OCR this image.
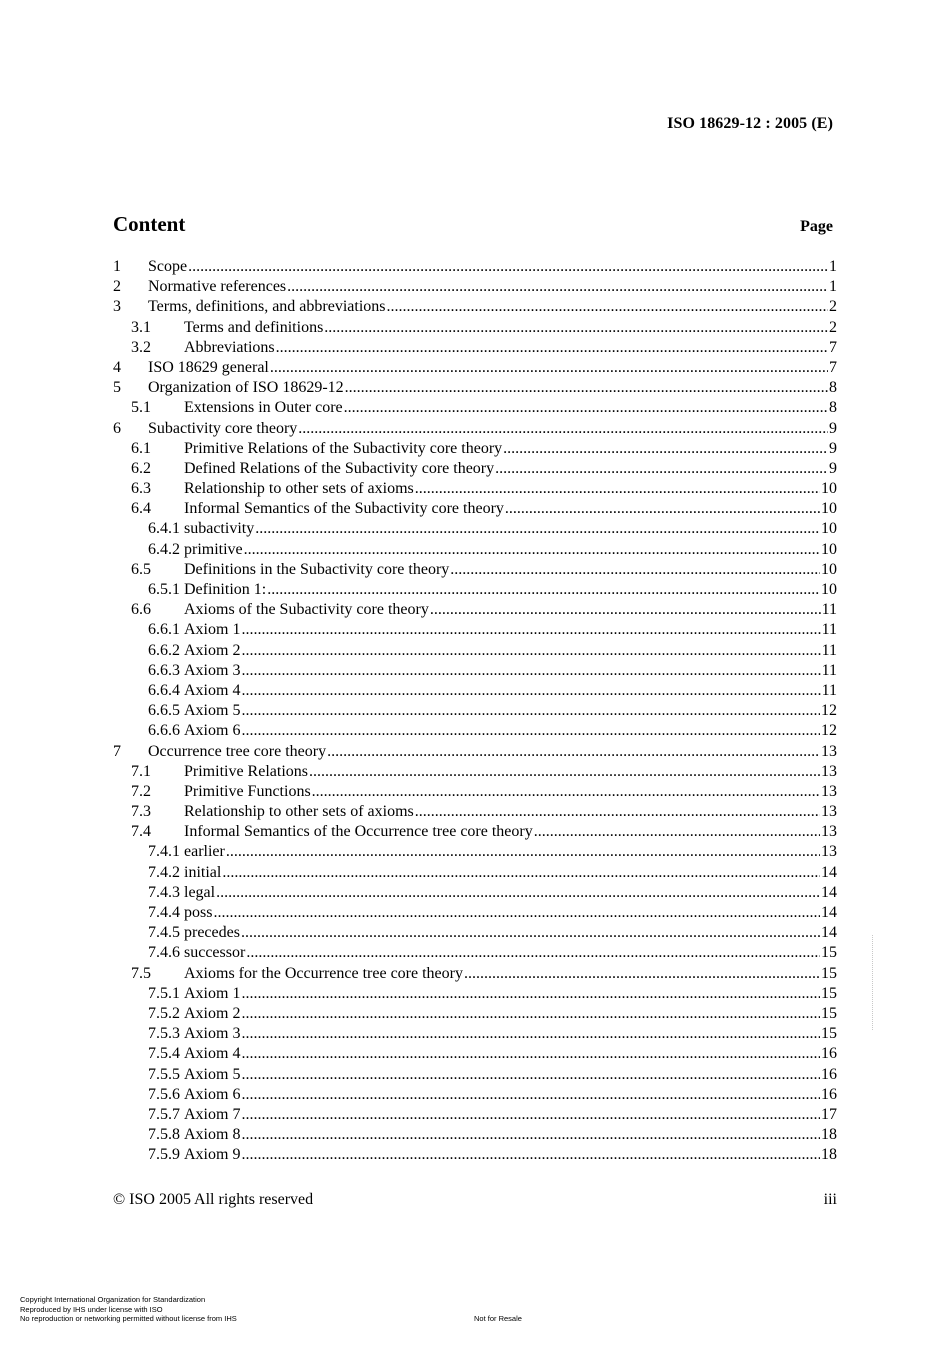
ISO 18629-12 : 2005 (E)
Content	Page
1	Scope .....	1
2	Normative references .....	1
3	Terms, definitions, and abbreviations .....	2
3.1	Terms and definitions .....	2
3.2	Abbreviations .....	7
4	ISO 18629 general .....	7
5	Organization of ISO 18629-12 .....	8
5.1	Extensions in Outer core .....	8
6	Subactivity core theory .....	9
6.1	Primitive Relations of the Subactivity core theory .....	9
6.2	Defined Relations of the Subactivity core theory .....	9
6.3	Relationship to other sets of axioms .....	10
6.4	Informal Semantics of the Subactivity core theory .....	10
6.4.1 subactivity .....	10
6.4.2 primitive .....	10
6.5	Definitions in the Subactivity core theory .....	10
6.5.1 Definition 1: .....	10
6.6	Axioms of the Subactivity core theory .....	11
6.6.1 Axiom 1 .....	11
6.6.2 Axiom 2 .....	11
6.6.3 Axiom 3 .....	11
6.6.4 Axiom 4 .....	11
6.6.5 Axiom 5 .....	12
6.6.6 Axiom 6 .....	12
7	Occurrence tree core theory .....	13
7.1	Primitive Relations .....	13
7.2	Primitive Functions .....	13
7.3	Relationship to other sets of axioms .....	13
7.4	Informal Semantics of the Occurrence tree core theory .....	13
7.4.1 earlier .....	13
7.4.2 initial .....	14
7.4.3 legal .....	14
7.4.4 poss .....	14
7.4.5 precedes .....	14
7.4.6 successor .....	15
7.5	Axioms for the Occurrence tree core theory .....	15
7.5.1 Axiom 1 .....	15
7.5.2 Axiom 2 .....	15
7.5.3 Axiom 3 .....	15
7.5.4 Axiom 4 .....	16
7.5.5 Axiom 5 .....	16
7.5.6 Axiom 6 .....	16
7.5.7 Axiom 7 .....	17
7.5.8 Axiom 8 .....	18
7.5.9 Axiom 9 .....	18
© ISO 2005 All rights reserved	iii
Copyright International Organization for Standardization
Reproduced by IHS under license with ISO
No reproduction or networking permitted without license from IHS	Not for Resale
